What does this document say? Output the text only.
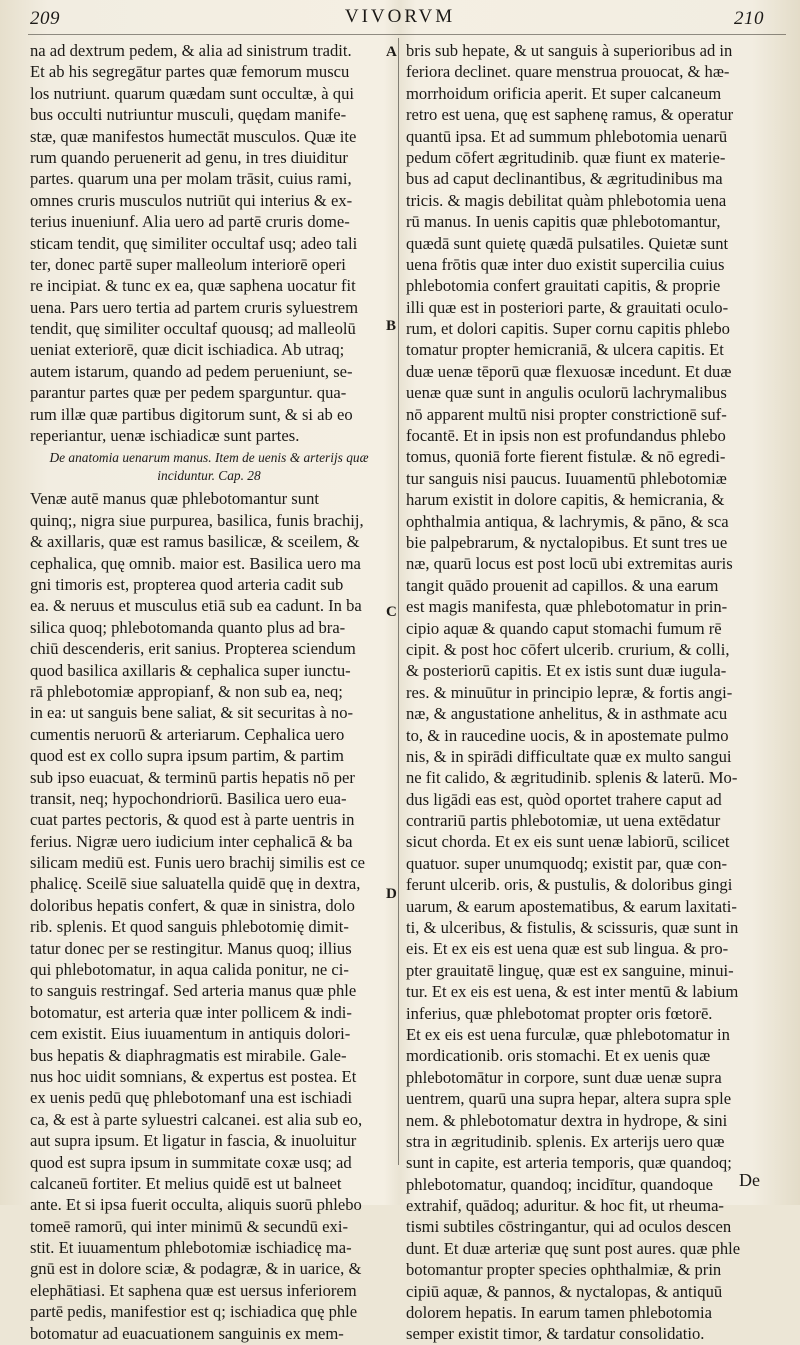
209	VIVORVM	210
A
B
C
D
na ad dextrum pedem, & alia ad sinistrum tradit.
Et ab his segregātur partes quæ femorum muscu
los nutriunt. quarum quædam sunt occultæ, à qui
bus occulti nutriuntur musculi, quędam manife-
stæ, quæ manifestos humectāt musculos. Quæ ite
rum quando peruenerit ad genu, in tres diuiditur
partes. quarum una per molam trāsit, cuius rami,
omnes cruris musculos nutriūt qui interius & ex-
terius inueniunf. Alia uero ad partē cruris dome-
sticam tendit, quę similiter occultaf usq; adeo tali
ter, donec partē super malleolum interiorē operi
re incipiat. & tunc ex ea, quæ saphena uocatur fit
uena. Pars uero tertia ad partem cruris syluestrem
tendit, quę similiter occultaf quousq; ad malleolū
ueniat exteriorē, quæ dicit ischiadica. Ab utraq;
autem istarum, quando ad pedem perueniunt, se-
parantur partes quæ per pedem sparguntur. qua-
rum illæ quæ partibus digitorum sunt, & si ab eo
reperiantur, uenæ ischiadicæ sunt partes.
De anatomia uenarum manus. Item de uenis & arterijs quæ
inciduntur. Cap. 28
Venæ autē manus quæ phlebotomantur sunt
quinq;, nigra siue purpurea, basilica, funis brachij,
& axillaris, quæ est ramus basilicæ, & sceilem, &
cephalica, quę omnib. maior est. Basilica uero ma
gni timoris est, propterea quod arteria cadit sub
ea. & neruus et musculus etiā sub ea cadunt. In ba
silica quoq; phlebotomanda quanto plus ad bra-
chiū descenderis, erit sanius. Propterea sciendum
quod basilica axillaris & cephalica super iunctu-
rā phlebotomiæ appropianf, & non sub ea, neq;
in ea: ut sanguis bene saliat, & sit securitas à no-
cumentis neruorū & arteriarum. Cephalica uero
quod est ex collo supra ipsum partim, & partim
sub ipso euacuat, & terminū partis hepatis nō per
transit, neq; hypochondriorū. Basilica uero eua-
cuat partes pectoris, & quod est à parte uentris in
ferius. Nigræ uero iudicium inter cephalicā & ba
silicam mediū est. Funis uero brachij similis est ce
phalicę. Sceilē siue saluatella quidē quę in dextra,
doloribus hepatis confert, & quæ in sinistra, dolo
rib. splenis. Et quod sanguis phlebotomię dimit-
tatur donec per se restingitur. Manus quoq; illius
qui phlebotomatur, in aqua calida ponitur, ne ci-
to sanguis restringaf. Sed arteria manus quæ phle
botomatur, est arteria quæ inter pollicem & indi-
cem existit. Eius iuuamentum in antiquis dolori-
bus hepatis & diaphragmatis est mirabile. Gale-
nus hoc uidit somnians, & expertus est postea. Et
ex uenis pedū quę phlebotomanf una est ischiadi
ca, & est à parte syluestri calcanei. est alia sub eo,
aut supra ipsum. Et ligatur in fascia, & inuoluitur
quod est supra ipsum in summitate coxæ usq; ad
calcaneū fortiter. Et melius quidē est ut balneet
ante. Et si ipsa fuerit occulta, aliquis suorū phlebo
tomeē ramorū, qui inter minimū & secundū exi-
stit. Et iuuamentum phlebotomiæ ischiadicę ma-
gnū est in dolore sciæ, & podagræ, & in uarice, &
elephātiasi. Et saphena quæ est uersus inferiorem
partē pedis, manifestior est q; ischiadica quę phle
botomatur ad euacuationem sanguinis ex mem-
bris sub hepate, & ut sanguis à superioribus ad in
feriora declinet. quare menstrua prouocat, & hæ-
morrhoidum orificia aperit. Et super calcaneum
retro est uena, quę est saphenę ramus, & operatur
quantū ipsa. Et ad summum phlebotomia uenarū
pedum cōfert ægritudinib. quæ fiunt ex materie-
bus ad caput declinantibus, & ægritudinibus ma
tricis. & magis debilitat quàm phlebotomia uena
rū manus. In uenis capitis quæ phlebotomantur,
quædā sunt quietę quædā pulsatiles. Quietæ sunt
uena frōtis quæ inter duo existit supercilia cuius
phlebotomia confert grauitati capitis, & proprie
illi quæ est in posteriori parte, & grauitati oculo-
rum, et dolori capitis. Super cornu capitis phlebo
tomatur propter hemicraniā, & ulcera capitis. Et
duæ uenæ tēporū quæ flexuosæ incedunt. Et duæ
uenæ quæ sunt in angulis oculorū lachrymalibus
nō apparent multū nisi propter constrictionē suf-
focantē. Et in ipsis non est profundandus phlebo
tomus, quoniā forte fierent fistulæ. & nō egredi-
tur sanguis nisi paucus. Iuuamentū phlebotomiæ
harum existit in dolore capitis, & hemicrania, &
ophthalmia antiqua, & lachrymis, & pāno, & sca
bie palpebrarum, & nyctalopibus. Et sunt tres ue
næ, quarū locus est post locū ubi extremitas auris
tangit quādo prouenit ad capillos. & una earum
est magis manifesta, quæ phlebotomatur in prin-
cipio aquæ & quando caput stomachi fumum rē
cipit. & post hoc cōfert ulcerib. crurium, & colli,
& posteriorū capitis. Et ex istis sunt duæ iugula-
res. & minuūtur in principio lepræ, & fortis angi-
næ, & angustatione anhelitus, & in asthmate acu
to, & in raucedine uocis, & in apostemate pulmo
nis, & in spirādi difficultate quæ ex multo sangui
ne fit calido, & ægritudinib. splenis & laterū. Mo-
dus ligādi eas est, quòd oportet trahere caput ad
contrariū partis phlebotomiæ, ut uena extēdatur
sicut chorda. Et ex eis sunt uenæ labiorū, scilicet
quatuor. super unumquodq; existit par, quæ con-
ferunt ulcerib. oris, & pustulis, & doloribus gingi
uarum, & earum apostematibus, & earum laxitati-
ti, & ulceribus, & fistulis, & scissuris, quæ sunt in
eis. Et ex eis est uena quæ est sub lingua. & pro-
pter grauitatē linguę, quæ est ex sanguine, minui-
tur. Et ex eis est uena, & est inter mentū & labium
inferius, quæ phlebotomat propter oris fœtorē.
Et ex eis est uena furculæ, quæ phlebotomatur in
mordicationib. oris stomachi. Et ex uenis quæ
phlebotomātur in corpore, sunt duæ uenæ supra
uentrem, quarū una supra hepar, altera supra sple
nem. & phlebotomatur dextra in hydrope, & sini
stra in ægritudinib. splenis. Ex arterijs uero quæ
sunt in capite, est arteria temporis, quæ quandoq;
phlebotomatur, quandoq; incidītur, quandoque
extrahif, quādoq; aduritur. & hoc fit, ut rheuma-
tismi subtiles cōstringantur, qui ad oculos descen
dunt. Et duæ arteriæ quę sunt post aures. quæ phle
botomantur propter species ophthalmiæ, & prin
cipiū aquæ, & pannos, & nyctalopas, & antiquū
dolorem hepatis. In earum tamen phlebotomia
semper existit timor, & tardatur consolidatio.
De
